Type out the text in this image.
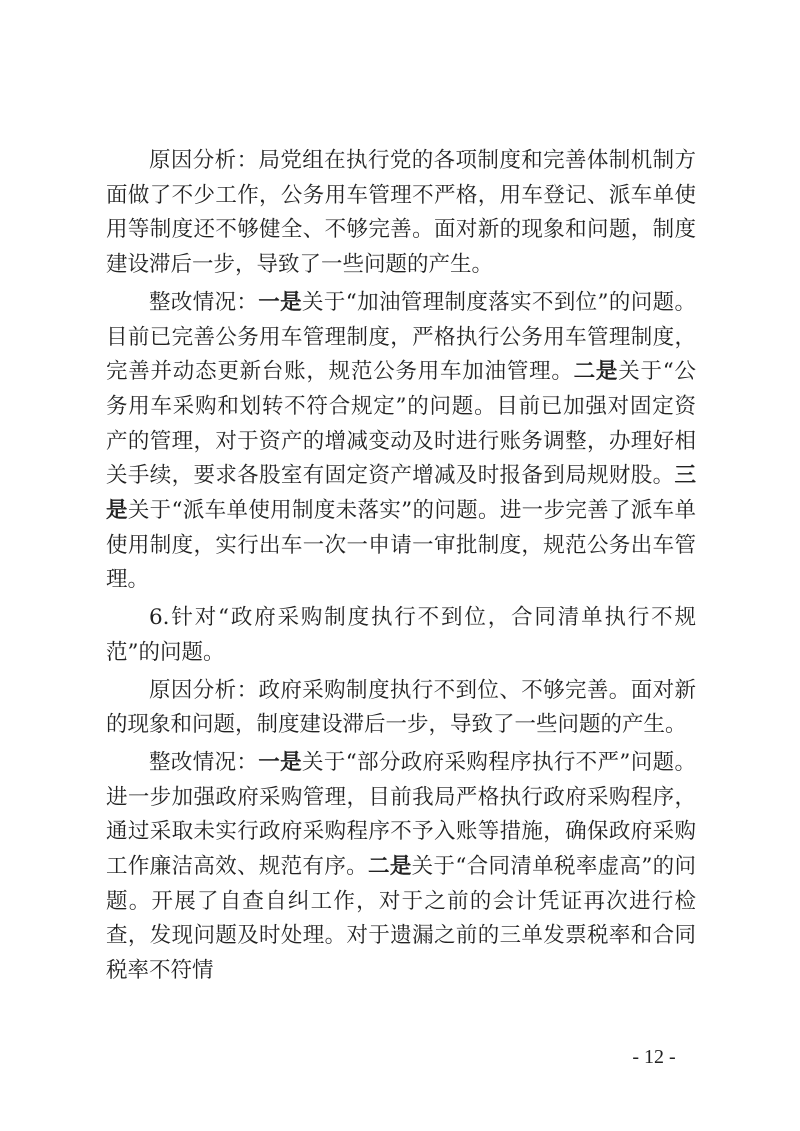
原因分析：局党组在执行党的各项制度和完善体制机制方面做了不少工作，公务用车管理不严格，用车登记、派车单使用等制度还不够健全、不够完善。面对新的现象和问题，制度建设滞后一步，导致了一些问题的产生。

整改情况：一是关于“加油管理制度落实不到位”的问题。目前已完善公务用车管理制度，严格执行公务用车管理制度，完善并动态更新台账，规范公务用车加油管理。二是关于“公务用车采购和划转不符合规定”的问题。目前已加强对固定资产的管理，对于资产的增减变动及时进行账务调整，办理好相关手续，要求各股室有固定资产增减及时报备到局规财股。三是关于“派车单使用制度未落实”的问题。进一步完善了派车单使用制度，实行出车一次一申请一审批制度，规范公务出车管理。

6.针对“政府采购制度执行不到位，合同清单执行不规范”的问题。

原因分析：政府采购制度执行不到位、不够完善。面对新的现象和问题，制度建设滞后一步，导致了一些问题的产生。

整改情况：一是关于“部分政府采购程序执行不严”问题。进一步加强政府采购管理，目前我局严格执行政府采购程序，通过采取未实行政府采购程序不予入账等措施，确保政府采购工作廉洁高效、规范有序。二是关于“合同清单税率虚高”的问题。开展了自查自纠工作，对于之前的会计凭证再次进行检查，发现问题及时处理。对于遗漏之前的三单发票税率和合同税率不符情

- 12 -
